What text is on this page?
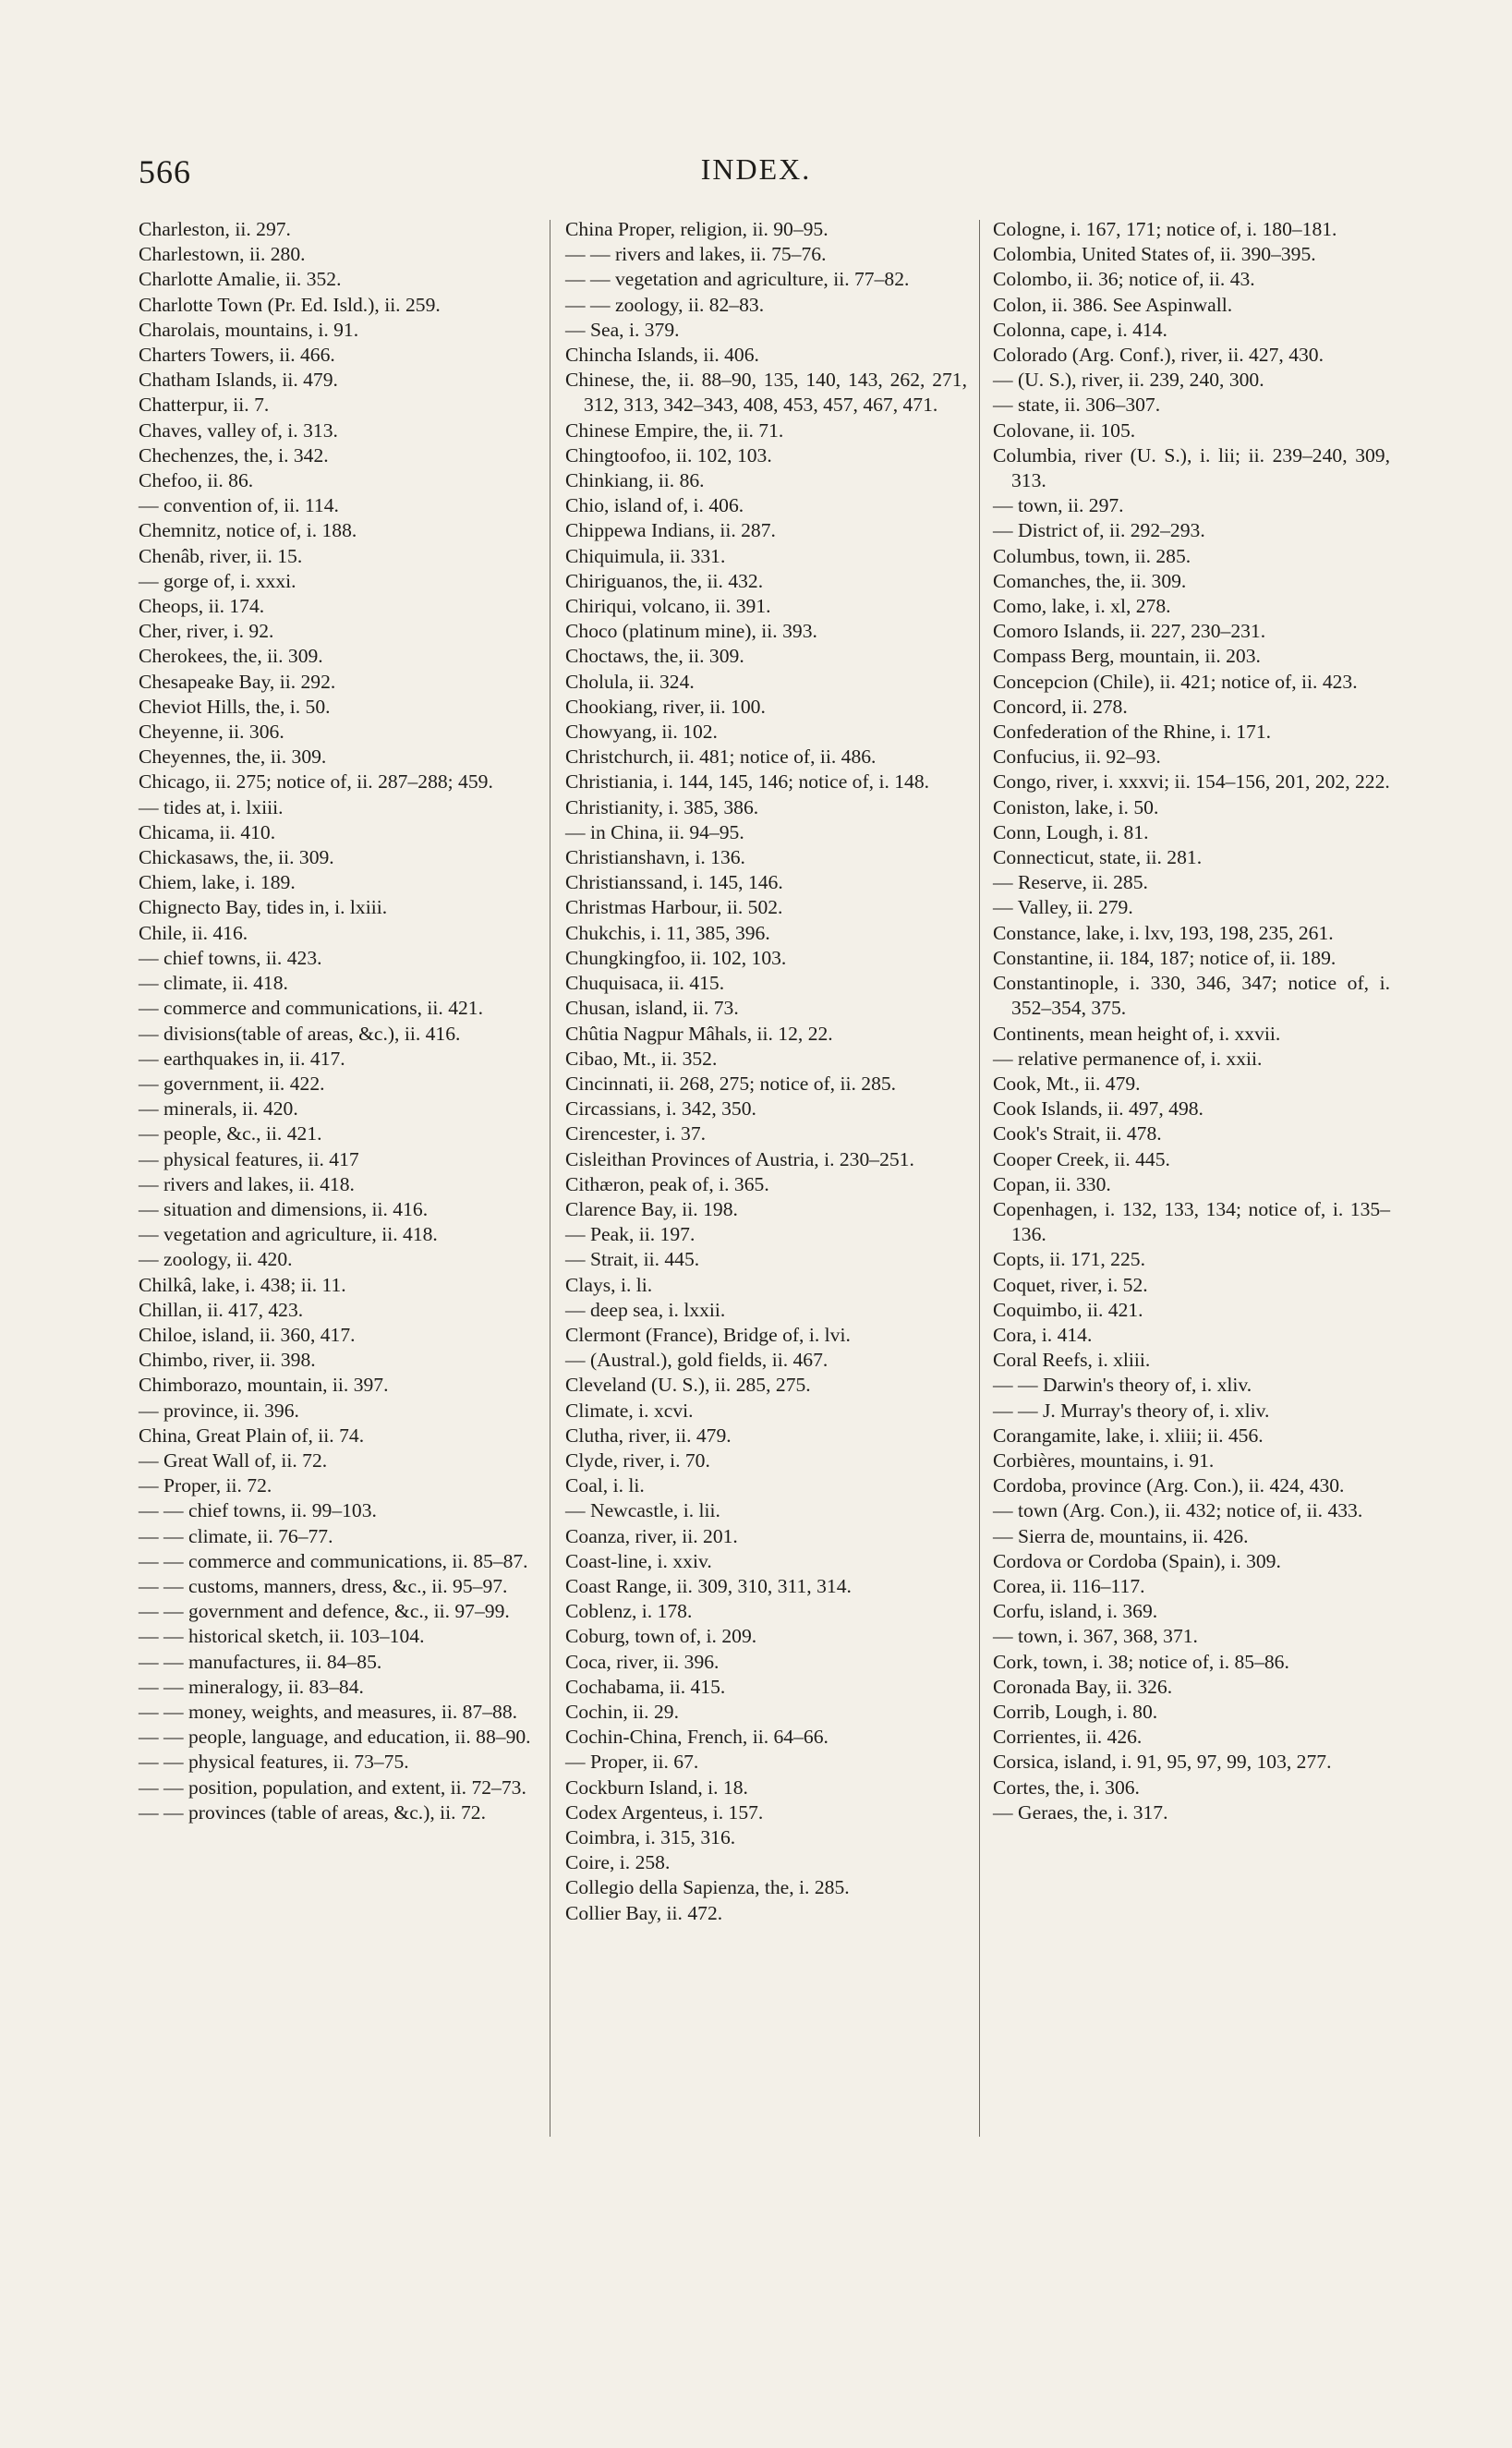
566	INDEX.
Charleston, ii. 297.
Charlestown, ii. 280.
Charlotte Amalie, ii. 352.
Charlotte Town (Pr. Ed. Isld.), ii. 259.
Charolais, mountains, i. 91.
Charters Towers, ii. 466.
Chatham Islands, ii. 479.
Chatterpur, ii. 7.
Chaves, valley of, i. 313.
Chechenzes, the, i. 342.
Chefoo, ii. 86.
— convention of, ii. 114.
Chemnitz, notice of, i. 188.
Chenâb, river, ii. 15.
— gorge of, i. xxxi.
Cheops, ii. 174.
Cher, river, i. 92.
Cherokees, the, ii. 309.
Chesapeake Bay, ii. 292.
Cheviot Hills, the, i. 50.
Cheyenne, ii. 306.
Cheyennes, the, ii. 309.
Chicago, ii. 275; notice of, ii. 287–288; 459.
— tides at, i. lxiii.
Chicama, ii. 410.
Chickasaws, the, ii. 309.
Chiem, lake, i. 189.
Chignecto Bay, tides in, i. lxiii.
Chile, ii. 416.
— chief towns, ii. 423.
— climate, ii. 418.
— commerce and communications, ii. 421.
— divisions(table of areas, &c.), ii. 416.
— earthquakes in, ii. 417.
— government, ii. 422.
— minerals, ii. 420.
— people, &c., ii. 421.
— physical features, ii. 417
— rivers and lakes, ii. 418.
— situation and dimensions, ii. 416.
— vegetation and agriculture, ii. 418.
— zoology, ii. 420.
Chilkâ, lake, i. 438; ii. 11.
Chillan, ii. 417, 423.
Chiloe, island, ii. 360, 417.
Chimbo, river, ii. 398.
Chimborazo, mountain, ii. 397.
— province, ii. 396.
China, Great Plain of, ii. 74.
— Great Wall of, ii. 72.
— Proper, ii. 72.
— — chief towns, ii. 99–103.
— — climate, ii. 76–77.
— — commerce and communications, ii. 85–87.
— — customs, manners, dress, &c., ii. 95–97.
— — government and defence, &c., ii. 97–99.
— — historical sketch, ii. 103–104.
— — manufactures, ii. 84–85.
— — mineralogy, ii. 83–84.
— — money, weights, and measures, ii. 87–88.
— — people, language, and education, ii. 88–90.
— — physical features, ii. 73–75.
— — position, population, and extent, ii. 72–73.
— — provinces (table of areas, &c.), ii. 72.
China Proper, religion, ii. 90–95.
— — rivers and lakes, ii. 75–76.
— — vegetation and agriculture, ii. 77–82.
— — zoology, ii. 82–83.
— Sea, i. 379.
Chincha Islands, ii. 406.
Chinese, the, ii. 88–90, 135, 140, 143, 262, 271, 312, 313, 342–343, 408, 453, 457, 467, 471.
Chinese Empire, the, ii. 71.
Chingtoofoo, ii. 102, 103.
Chinkiang, ii. 86.
Chio, island of, i. 406.
Chippewa Indians, ii. 287.
Chiquimula, ii. 331.
Chiriguanos, the, ii. 432.
Chiriqui, volcano, ii. 391.
Choco (platinum mine), ii. 393.
Choctaws, the, ii. 309.
Cholula, ii. 324.
Chookiang, river, ii. 100.
Chowyang, ii. 102.
Christchurch, ii. 481; notice of, ii. 486.
Christiania, i. 144, 145, 146; notice of, i. 148.
Christianity, i. 385, 386.
— in China, ii. 94–95.
Christianshavn, i. 136.
Christianssand, i. 145, 146.
Christmas Harbour, ii. 502.
Chukchis, i. 11, 385, 396.
Chungkingfoo, ii. 102, 103.
Chuquisaca, ii. 415.
Chusan, island, ii. 73.
Chûtia Nagpur Mâhals, ii. 12, 22.
Cibao, Mt., ii. 352.
Cincinnati, ii. 268, 275; notice of, ii. 285.
Circassians, i. 342, 350.
Cirencester, i. 37.
Cisleithan Provinces of Austria, i. 230–251.
Cithæron, peak of, i. 365.
Clarence Bay, ii. 198.
— Peak, ii. 197.
— Strait, ii. 445.
Clays, i. li.
— deep sea, i. lxxii.
Clermont (France), Bridge of, i. lvi.
— (Austral.), gold fields, ii. 467.
Cleveland (U. S.), ii. 285, 275.
Climate, i. xcvi.
Clutha, river, ii. 479.
Clyde, river, i. 70.
Coal, i. li.
— Newcastle, i. lii.
Coanza, river, ii. 201.
Coast-line, i. xxiv.
Coast Range, ii. 309, 310, 311, 314.
Coblenz, i. 178.
Coburg, town of, i. 209.
Coca, river, ii. 396.
Cochabama, ii. 415.
Cochin, ii. 29.
Cochin-China, French, ii. 64–66.
— Proper, ii. 67.
Cockburn Island, i. 18.
Codex Argenteus, i. 157.
Coimbra, i. 315, 316.
Coire, i. 258.
Collegio della Sapienza, the, i. 285.
Collier Bay, ii. 472.
Cologne, i. 167, 171; notice of, i. 180–181.
Colombia, United States of, ii. 390–395.
Colombo, ii. 36; notice of, ii. 43.
Colon, ii. 386. See Aspinwall.
Colonna, cape, i. 414.
Colorado (Arg. Conf.), river, ii. 427, 430.
— (U. S.), river, ii. 239, 240, 300.
— state, ii. 306–307.
Colovane, ii. 105.
Columbia, river (U. S.), i. lii; ii. 239–240, 309, 313.
— town, ii. 297.
— District of, ii. 292–293.
Columbus, town, ii. 285.
Comanches, the, ii. 309.
Como, lake, i. xl, 278.
Comoro Islands, ii. 227, 230–231.
Compass Berg, mountain, ii. 203.
Concepcion (Chile), ii. 421; notice of, ii. 423.
Concord, ii. 278.
Confederation of the Rhine, i. 171.
Confucius, ii. 92–93.
Congo, river, i. xxxvi; ii. 154–156, 201, 202, 222.
Coniston, lake, i. 50.
Conn, Lough, i. 81.
Connecticut, state, ii. 281.
— Reserve, ii. 285.
— Valley, ii. 279.
Constance, lake, i. lxv, 193, 198, 235, 261.
Constantine, ii. 184, 187; notice of, ii. 189.
Constantinople, i. 330, 346, 347; notice of, i. 352–354, 375.
Continents, mean height of, i. xxvii.
— relative permanence of, i. xxii.
Cook, Mt., ii. 479.
Cook Islands, ii. 497, 498.
Cook's Strait, ii. 478.
Cooper Creek, ii. 445.
Copan, ii. 330.
Copenhagen, i. 132, 133, 134; notice of, i. 135–136.
Copts, ii. 171, 225.
Coquet, river, i. 52.
Coquimbo, ii. 421.
Cora, i. 414.
Coral Reefs, i. xliii.
— — Darwin's theory of, i. xliv.
— — J. Murray's theory of, i. xliv.
Corangamite, lake, i. xliii; ii. 456.
Corbières, mountains, i. 91.
Cordoba, province (Arg. Con.), ii. 424, 430.
— town (Arg. Con.), ii. 432; notice of, ii. 433.
— Sierra de, mountains, ii. 426.
Cordova or Cordoba (Spain), i. 309.
Corea, ii. 116–117.
Corfu, island, i. 369.
— town, i. 367, 368, 371.
Cork, town, i. 38; notice of, i. 85–86.
Coronada Bay, ii. 326.
Corrib, Lough, i. 80.
Corrientes, ii. 426.
Corsica, island, i. 91, 95, 97, 99, 103, 277.
Cortes, the, i. 306.
— Geraes, the, i. 317.
